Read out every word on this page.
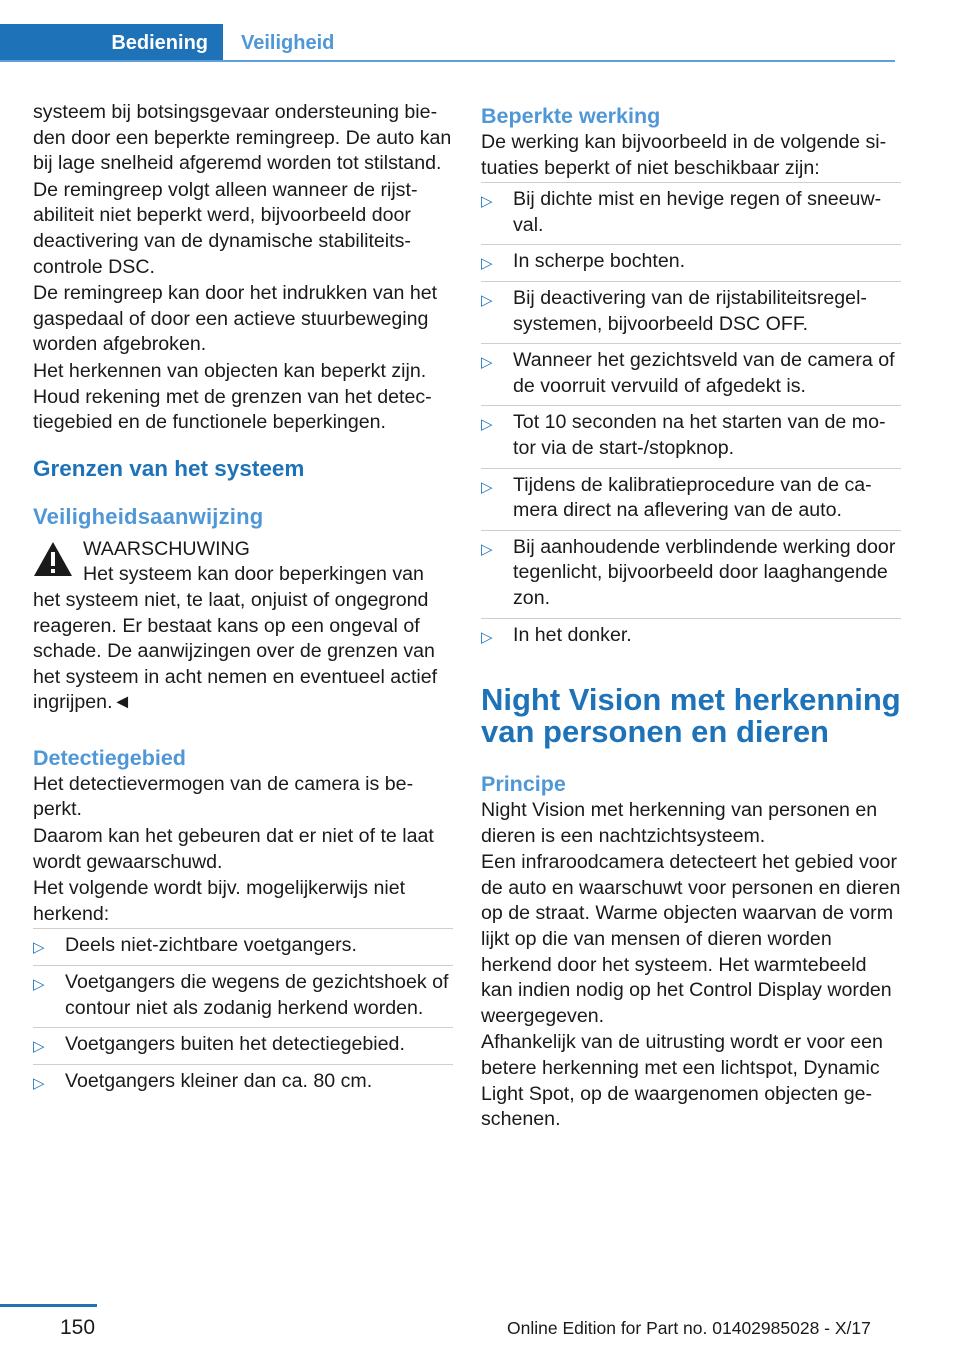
Bediening	Veiligheid

systeem bij botsingsgevaar ondersteuning bieden door een beperkte remingreep. De auto kan bij lage snelheid afgeremd worden tot stilstand.

De remingreep volgt alleen wanneer de rijstabiliteit niet beperkt werd, bijvoorbeeld door deactivering van de dynamische stabiliteitscontrole DSC.

De remingreep kan door het indrukken van het gaspedaal of door een actieve stuurbeweging worden afgebroken.

Het herkennen van objecten kan beperkt zijn. Houd rekening met de grenzen van het detectiegebied en de functionele beperkingen.

Grenzen van het systeem
Veiligheidsaanwijzing
WAARSCHUWING
Het systeem kan door beperkingen van
het systeem niet, te laat, onjuist of ongegrond reageren. Er bestaat kans op een ongeval of schade. De aanwijzingen over de grenzen van het systeem in acht nemen en eventueel actief ingrijpen.◄
Detectiegebied

Het detectievermogen van de camera is beperkt.

Daarom kan het gebeuren dat er niet of te laat wordt gewaarschuwd.

Het volgende wordt bijv. mogelijkerwijs niet herkend:

▷ Deels niet-zichtbare voetgangers.
▷ Voetgangers die wegens de gezichtshoek of contour niet als zodanig herkend worden.
▷ Voetgangers buiten het detectiegebied.
▷ Voetgangers kleiner dan ca. 80 cm.
Beperkte werking

De werking kan bijvoorbeeld in de volgende situaties beperkt of niet beschikbaar zijn:

▷ Bij dichte mist en hevige regen of sneeuwval.
▷ In scherpe bochten.
▷ Bij deactivering van de rijstabiliteitsregelsystemen, bijvoorbeeld DSC OFF.
▷ Wanneer het gezichtsveld van de camera of de voorruit vervuild of afgedekt is.
▷ Tot 10 seconden na het starten van de motor via de start-/stopknop.
▷ Tijdens de kalibratieprocedure van de camera direct na aflevering van de auto.
▷ Bij aanhoudende verblindende werking door tegenlicht, bijvoorbeeld door laaghangende zon.
▷ In het donker.
Night Vision met herkenning van personen en dieren
Principe

Night Vision met herkenning van personen en dieren is een nachtzichtsysteem.

Een infraroodcamera detecteert het gebied voor de auto en waarschuwt voor personen en dieren op de straat. Warme objecten waarvan de vorm lijkt op die van mensen of dieren worden herkend door het systeem. Het warmtebeeld kan indien nodig op het Control Display worden weergegeven.

Afhankelijk van de uitrusting wordt er voor een betere herkenning met een lichtspot, Dynamic Light Spot, op de waargenomen objecten geschenen.

150	Online Edition for Part no. 01402985028 - X/17
